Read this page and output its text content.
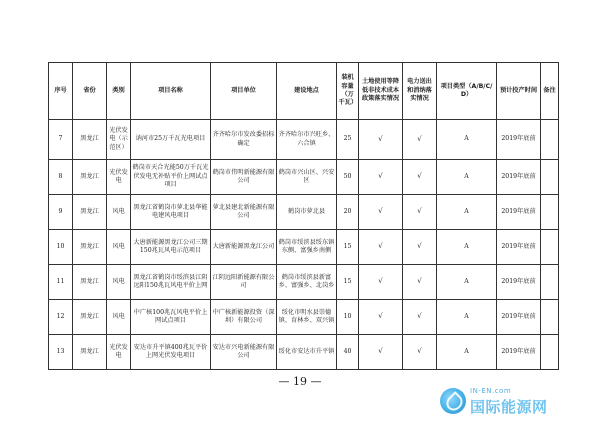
序号	省份	类别	项目名称	项目单位	建设地点	装机容量（万千瓦）	土地使用等降低非技术成本政策落实情况	电力送出和消纳落实情况	项目类型（A/B/C/D）	预计投产时间	备注
7	黑龙江	光伏发电（示范区）	讷河市25万千瓦光电项目	齐齐哈尔市发改委招标确定	齐齐哈尔市兴旺乡、六合镇	25	√	√	A	2019年底前	
8	黑龙江	光伏发电	鹤岗市天合光能50万千瓦光伏发电无补贴平价上网试点项目	鹤岗市伟明新能源有限公司	鹤岗市兴山区、兴安区	50	√	√	A	2019年底前	
9	黑龙江	风电	黑龙江省鹤岗市萝北县华能电建风电项目	萝北县建北新能源有限公司	鹤岗市萝北县	20	√	√	A	2019年底前	
10	黑龙江	风电	大唐新能源黑龙江公司三期150兆瓦风电示范项目	大唐新能源黑龙江公司	鹤岗市绥滨县绥东镇东侧、富强乡南侧	15	√	√	A	2019年底前	
11	黑龙江	风电	黑龙江省鹤岗市绥滨县江阴远阳150兆瓦风电平价上网	江阴远阳新能源有限公司	鹤岗市绥滨县新富乡、富强乡、北岗乡	15	√	√	A	2019年底前	
12	黑龙江	风电	中广核100兆瓦风电平价上网试点项目	中广核新能源投资（深圳）有限公司	绥化市明水县崇德镇、育林乡、双兴镇	10	√	√	A	2019年底前	
13	黑龙江	光伏发电	安达市升平镇400兆瓦平价上网光伏发电项目	安达市兴电新能源有限公司	绥化市安达市升平镇	40	√	√	A	2019年底前	
— 19 —
IN-EN.com
国际能源网
